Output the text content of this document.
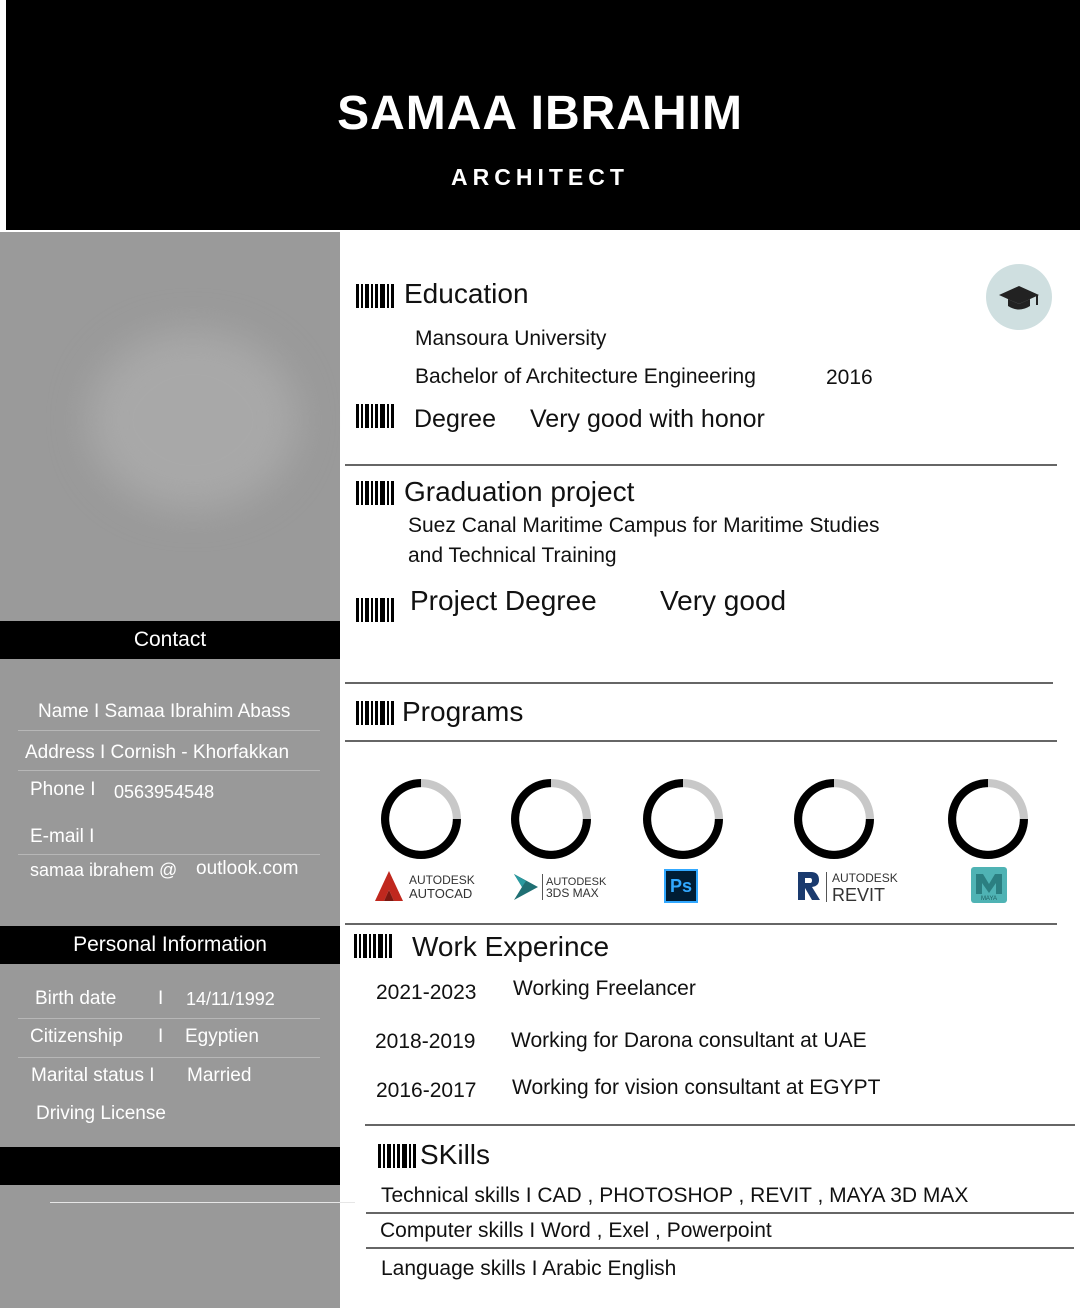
SAMAA IBRAHIM
ARCHITECT
Contact
Name I Samaa Ibrahim Abass
Address I Cornish - Khorfakkan
Phone I 0563954548
E-mail I
samaa ibrahem @ outlook.com
Personal Information
Birth date I 14/11/1992
Citizenship I Egyptien
Marital status I Married
Driving License
Education
Mansoura University
Bachelor of Architecture Engineering	2016
Degree Very good with honor
Graduation project
Suez Canal Maritime Campus for Maritime Studies
and Technical Training
Project Degree Very good
Programs
AUTODESK
AUTOCAD
AUTODESK
3DS MAX	Ps	AUTODESK
REVIT	MAYA
Work Experince
2021-2023 Working Freelancer
2018-2019 Working for Darona consultant at UAE
2016-2017 Working for vision consultant at EGYPT
SKills
Technical skills I CAD , PHOTOSHOP , REVIT , MAYA 3D MAX
Computer skills I Word , Exel , Powerpoint
Language skills I Arabic English
